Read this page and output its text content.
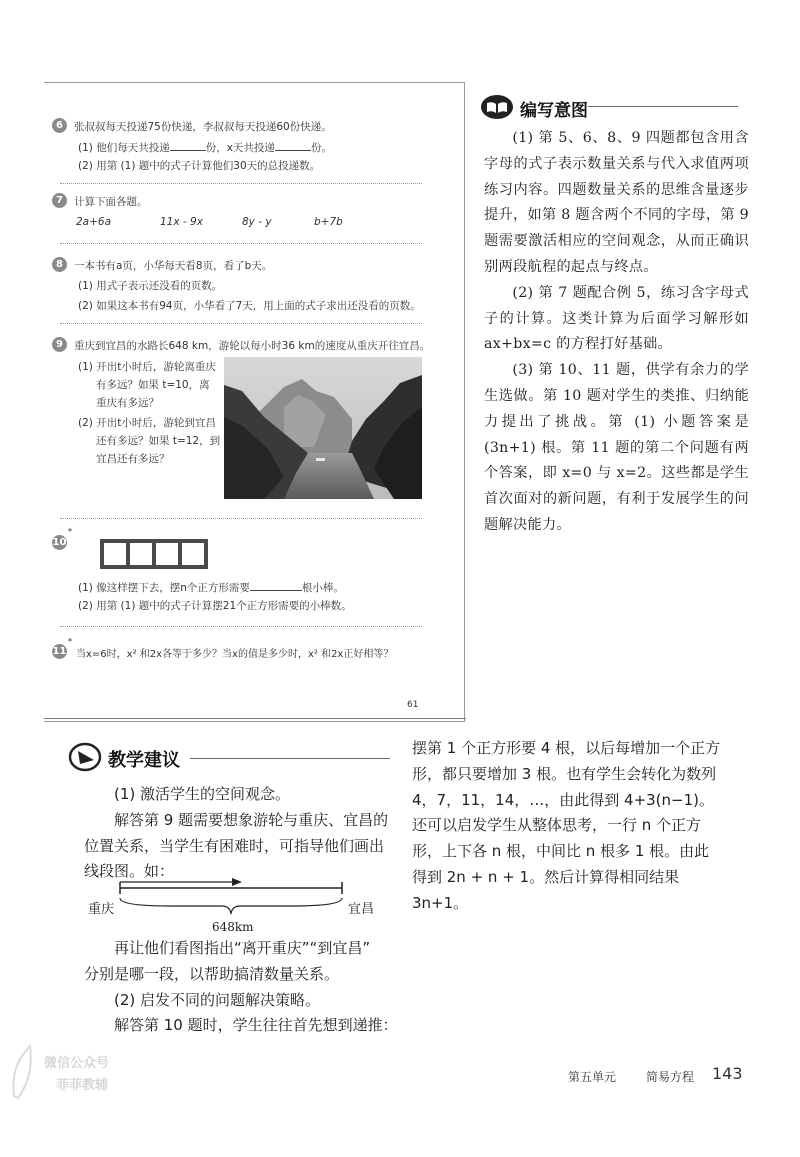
6	张叔叔每天投递75份快递，李叔叔每天投递60份快递。
(1) 他们每天共投递	份，x天共投递	份。
(2) 用第 (1) 题中的式子计算他们30天的总投递数。
7	计算下面各题。
2a+6a	11x - 9x	8y - y	b+7b
8	一本书有a页，小华每天看8页，看了b天。
(1) 用式子表示还没看的页数。
(2) 如果这本书有94页，小华看了7天，用上面的式子求出还没看的页数。
9	重庆到宜昌的水路长648 km，游轮以每小时36 km的速度从重庆开往宜昌。
(1) 开出t小时后，游轮离重庆
有多远？如果 t=10，离
重庆有多远？
(2) 开出t小时后，游轮到宜昌
还有多远？如果 t=12，到
宜昌还有多远？
10
*
(1) 像这样摆下去，摆n个正方形需要	根小棒。
(2) 用第 (1) 题中的式子计算摆21个正方形需要的小棒数。
11
*
当x=6时，x² 和2x各等于多少？当x的值是多少时，x² 和2x正好相等？
61
编写意图

(1) 第 5、6、8、9 四题都包含用含字母的式子表示数量关系与代入求值两项练习内容。四题数量关系的思维含量逐步提升，如第 8 题含两个不同的字母，第 9 题需要激活相应的空间观念，从而正确识别两段航程的起点与终点。

(2) 第 7 题配合例 5，练习含字母式子的计算。这类计算为后面学习解形如 ax+bx=c 的方程打好基础。

(3) 第 10、11 题，供学有余力的学生选做。第 10 题对学生的类推、归纳能力提出了挑战。第 (1) 小题答案是 (3n+1) 根。第 11 题的第二个问题有两个答案，即 x=0 与 x=2。这些都是学生首次面对的新问题，有利于发展学生的问题解决能力。

教学建议

(1) 激活学生的空间观念。

解答第 9 题需要想象游轮与重庆、宜昌的

位置关系，当学生有困难时，可指导他们画出

线段图。如：

重庆	宜昌
648km

再让他们看图指出“离开重庆”“到宜昌”

分别是哪一段，以帮助搞清数量关系。

(2) 启发不同的问题解决策略。

解答第 10 题时，学生往往首先想到递推：

摆第 1 个正方形要 4 根，以后每增加一个正方

形，都只要增加 3 根。也有学生会转化为数列

4，7，11，14，…，由此得到 4+3(n−1)。

还可以启发学生从整体思考，一行 n 个正方

形，上下各 n 根，中间比 n 根多 1 根。由此

得到 2n + n + 1。然后计算得相同结果

3n+1。

微信公众号
菲菲教辅
第五单元 简易方程 143
